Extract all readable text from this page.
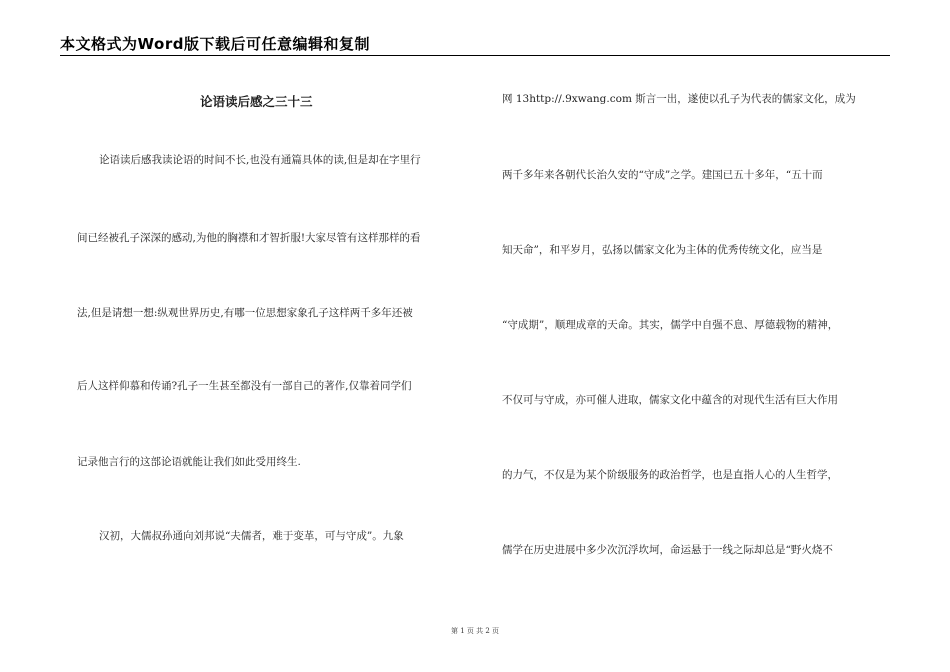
本文格式为Word版下载后可任意编辑和复制
论语读后感之三十三
论语读后感我读论语的时间不长,也没有通篇具体的读,但是却在字里行
间已经被孔子深深的感动,为他的胸襟和才智折服!大家尽管有这样那样的看
法,但是请想一想:纵观世界历史,有哪一位思想家象孔子这样两千多年还被
后人这样仰慕和传诵?孔子一生甚至都没有一部自己的著作,仅靠着同学们
记录他言行的这部论语就能让我们如此受用终生.
汉初，大儒叔孙通向刘邦说“夫儒者，难于变革，可与守成”。九象
网 13http://.9xwang.com 斯言一出，遂使以孔子为代表的儒家文化，成为
两千多年来各朝代长治久安的“守成”之学。建国已五十多年，“五十而
知天命”，和平岁月，弘扬以儒家文化为主体的优秀传统文化，应当是
“守成期”，顺理成章的天命。其实，儒学中自强不息、厚德载物的精神，
不仅可与守成，亦可催人进取，儒家文化中蕴含的对现代生活有巨大作用
的力气，不仅是为某个阶级服务的政治哲学，也是直指人心的人生哲学，
儒学在历史进展中多少次沉浮坎坷，命运悬于一线之际却总是“野火烧不
第 1 页 共 2 页
